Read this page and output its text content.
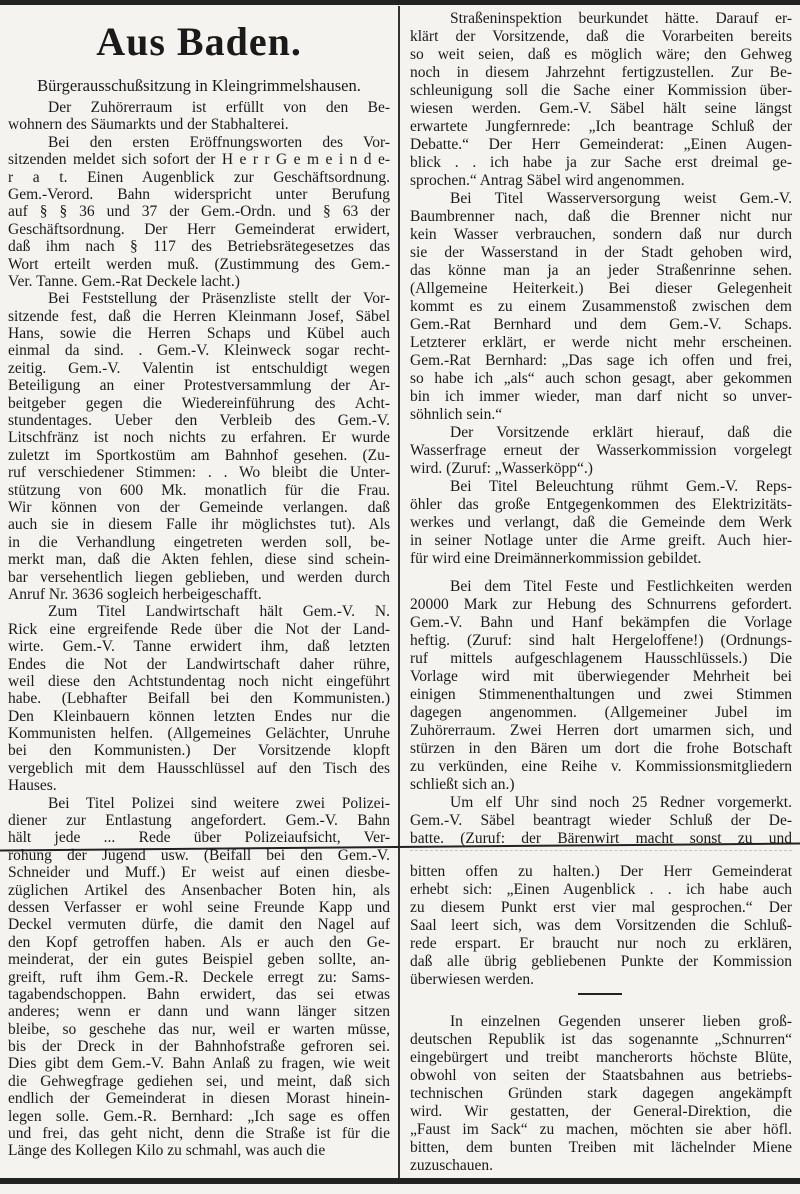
Aus Baden.
Bürgerausschußsitzung in Kleingrimmelshausen.
Der Zuhörerraum ist erfüllt von den Be-
wohnern des Säumarkts und der Stabhalterei.
Bei den ersten Eröffnungsworten des Vor-
sitzenden meldet sich sofort der H e r r G e m e i n d e-
r a t. Einen Augenblick zur Geschäftsordnung.
Gem.-Verord. Bahn widerspricht unter Berufung
auf § § 36 und 37 der Gem.-Ordn. und § 63 der
Geschäftsordnung. Der Herr Gemeinderat erwidert,
daß ihm nach § 117 des Betriebsrätegesetzes das
Wort erteilt werden muß. (Zustimmung des Gem.-
Ver. Tanne. Gem.-Rat Deckele lacht.)
Bei Feststellung der Präsenzliste stellt der Vor-
sitzende fest, daß die Herren Kleinmann Josef, Säbel
Hans, sowie die Herren Schaps und Kübel auch
einmal da sind. . Gem.-V. Kleinweck sogar recht-
zeitig. Gem.-V. Valentin ist entschuldigt wegen
Beteiligung an einer Protestversammlung der Ar-
beitgeber gegen die Wiedereinführung des Acht-
stundentages. Ueber den Verbleib des Gem.-V.
Litschfränz ist noch nichts zu erfahren. Er wurde
zuletzt im Sportkostüm am Bahnhof gesehen. (Zu-
ruf verschiedener Stimmen: . . Wo bleibt die Unter-
stützung von 600 Mk. monatlich für die Frau.
Wir können von der Gemeinde verlangen. daß
auch sie in diesem Falle ihr möglichstes tut). Als
in die Verhandlung eingetreten werden soll, be-
merkt man, daß die Akten fehlen, diese sind schein-
bar versehentlich liegen geblieben, und werden durch
Anruf Nr. 3636 sogleich herbeigeschafft.
Zum Titel Landwirtschaft hält Gem.-V. N.
Rick eine ergreifende Rede über die Not der Land-
wirte. Gem.-V. Tanne erwidert ihm, daß letzten
Endes die Not der Landwirtschaft daher rühre,
weil diese den Achtstundentag noch nicht eingeführt
habe. (Lebhafter Beifall bei den Kommunisten.)
Den Kleinbauern können letzten Endes nur die
Kommunisten helfen. (Allgemeines Gelächter, Unruhe
bei den Kommunisten.) Der Vorsitzende klopft
vergeblich mit dem Hausschlüssel auf den Tisch des
Hauses.
Bei Titel Polizei sind weitere zwei Polizei-
diener zur Entlastung angefordert. Gem.-V. Bahn
hält jede ... Rede über Polizeiaufsicht, Ver-
rohung der Jugend usw. (Beifall bei den Gem.-V.
Schneider und Muff.) Er weist auf einen diesbe-
züglichen Artikel des Ansenbacher Boten hin, als
dessen Verfasser er wohl seine Freunde Kapp und
Deckel vermuten dürfe, die damit den Nagel auf
den Kopf getroffen haben. Als er auch den Ge-
meinderat, der ein gutes Beispiel geben sollte, an-
greift, ruft ihm Gem.-R. Deckele erregt zu: Sams-
tagabendschoppen. Bahn erwidert, das sei etwas
anderes; wenn er dann und wann länger sitzen
bleibe, so geschehe das nur, weil er warten müsse,
bis der Dreck in der Bahnhofstraße gefroren sei.
Dies gibt dem Gem.-V. Bahn Anlaß zu fragen, wie weit
die Gehwegfrage gediehen sei, und meint, daß sich
endlich der Gemeinderat in diesen Morast hinein-
legen solle. Gem.-R. Bernhard: „Ich sage es offen
und frei, das geht nicht, denn die Straße ist für die
Länge des Kollegen Kilo zu schmahl, was auch die
Straßeninspektion beurkundet hätte. Darauf er-
klärt der Vorsitzende, daß die Vorarbeiten bereits
so weit seien, daß es möglich wäre; den Gehweg
noch in diesem Jahrzehnt fertigzustellen. Zur Be-
schleunigung soll die Sache einer Kommission über-
wiesen werden. Gem.-V. Säbel hält seine längst
erwartete Jungfernrede: „Ich beantrage Schluß der
Debatte.“ Der Herr Gemeinderat: „Einen Augen-
blick . . ich habe ja zur Sache erst dreimal ge-
sprochen.“ Antrag Säbel wird angenommen.
Bei Titel Wasserversorgung weist Gem.-V.
Baumbrenner nach, daß die Brenner nicht nur
kein Wasser verbrauchen, sondern daß nur durch
sie der Wasserstand in der Stadt gehoben wird,
das könne man ja an jeder Straßenrinne sehen.
(Allgemeine Heiterkeit.) Bei dieser Gelegenheit
kommt es zu einem Zusammenstoß zwischen dem
Gem.-Rat Bernhard und dem Gem.-V. Schaps.
Letzterer erklärt, er werde nicht mehr erscheinen.
Gem.-Rat Bernhard: „Das sage ich offen und frei,
so habe ich „als“ auch schon gesagt, aber gekommen
bin ich immer wieder, man darf nicht so unver-
söhnlich sein.“
Der Vorsitzende erklärt hierauf, daß die
Wasserfrage erneut der Wasserkommission vorgelegt
wird. (Zuruf: „Wasserköpp“.)
Bei Titel Beleuchtung rühmt Gem.-V. Reps-
öhler das große Entgegenkommen des Elektrizitäts-
werkes und verlangt, daß die Gemeinde dem Werk
in seiner Notlage unter die Arme greift. Auch hier-
für wird eine Dreimännerkommission gebildet.
Bei dem Titel Feste und Festlichkeiten werden
20000 Mark zur Hebung des Schnurrens gefordert.
Gem.-V. Bahn und Hanf bekämpfen die Vorlage
heftig. (Zuruf: sind halt Hergeloffene!) (Ordnungs-
ruf mittels aufgeschlagenem Hausschlüssels.) Die
Vorlage wird mit überwiegender Mehrheit bei
einigen Stimmenenthaltungen und zwei Stimmen
dagegen angenommen. (Allgemeiner Jubel im
Zuhörerraum. Zwei Herren dort umarmen sich, und
stürzen in den Bären um dort die frohe Botschaft
zu verkünden, eine Reihe v. Kommissionsmitgliedern
schließt sich an.)
Um elf Uhr sind noch 25 Redner vorgemerkt.
Gem.-V. Säbel beantragt wieder Schluß der De-
batte. (Zuruf: der Bärenwirt macht sonst zu und
bitten offen zu halten.) Der Herr Gemeinderat
erhebt sich: „Einen Augenblick . . ich habe auch
zu diesem Punkt erst vier mal gesprochen.“ Der
Saal leert sich, was dem Vorsitzenden die Schluß-
rede erspart. Er braucht nur noch zu erklären,
daß alle übrig gebliebenen Punkte der Kommission
überwiesen werden.
In einzelnen Gegenden unserer lieben groß-
deutschen Republik ist das sogenannte „Schnurren“
eingebürgert und treibt mancherorts höchste Blüte,
obwohl von seiten der Staatsbahnen aus betriebs-
technischen Gründen stark dagegen angekämpft
wird. Wir gestatten, der General-Direktion, die
„Faust im Sack“ zu machen, möchten sie aber höfl.
bitten, dem bunten Treiben mit lächelnder Miene
zuzuschauen.
